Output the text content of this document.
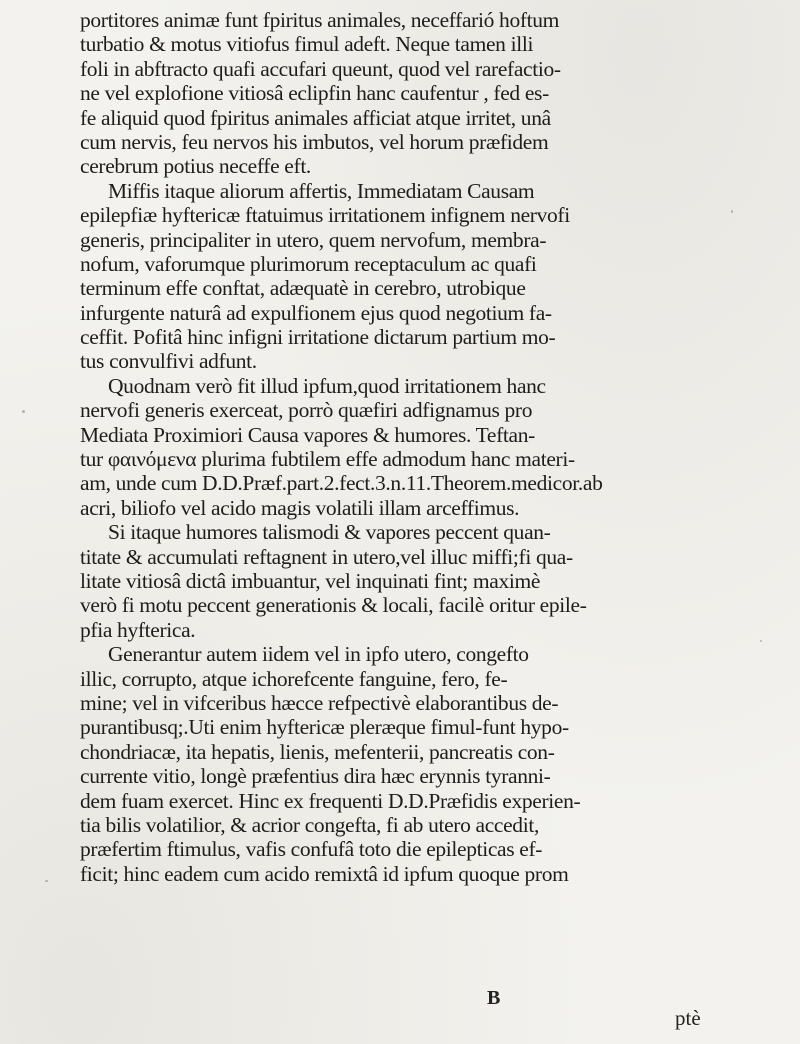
portitores animæ funt fpiritus animales, neceffarió hoftum
turbatio & motus vitiofus fimul adeft. Neque tamen illi
foli in abftracto quafi accufari queunt, quod vel rarefactio-
ne vel explofione vitiosâ eclipfin hanc caufentur , fed es-
fe aliquid quod fpiritus animales afficiat atque irritet, unâ
cum nervis, feu nervos his imbutos, vel horum præfidem
cerebrum potius neceffe eft.
Miffis itaque aliorum affertis, Immediatam Causam
epilepfiæ hyftericæ ftatuimus irritationem infignem nervofi
generis, principaliter in utero, quem nervofum, membra-
nofum, vaforumque plurimorum receptaculum ac quafi
terminum effe conftat, adæquatè in cerebro, utrobique
infurgente naturâ ad expulfionem ejus quod negotium fa-
ceffit. Pofitâ hinc infigni irritatione dictarum partium mo-
tus convulfivi adfunt.
Quodnam verò fit illud ipfum,quod irritationem hanc
nervofi generis exerceat, porrò quæfiri adfignamus pro
Mediata Proximiori Causa vapores & humores. Teftan-
tur φαινόμενα plurima fubtilem effe admodum hanc materi-
am, unde cum D.D.Præf.part.2.fect.3.n.11.Theorem.medicor.ab
acri, biliofo vel acido magis volatili illam arceffimus.
Si itaque humores talismodi & vapores peccent quan-
titate & accumulati reftagnent in utero,vel illuc miffi;fi qua-
litate vitiosâ dictâ imbuantur, vel inquinati fint; maximè
verò fi motu peccent generationis & locali, facilè oritur epile-
pfia hyfterica.
Generantur autem iidem vel in ipfo utero, congefto
illic, corrupto, atque ichorefcente fanguine, fero, fe-
mine; vel in vifceribus hæcce refpectivè elaborantibus de-
purantibusq;.Uti enim hyftericæ pleræque fimul-funt hypo-
chondriacæ, ita hepatis, lienis, mefenterii, pancreatis con-
currente vitio, longè præfentius dira hæc erynnis tyranni-
dem fuam exercet. Hinc ex frequenti D.D.Præfidis experien-
tia bilis volatilior, & acrior congefta, fi ab utero accedit,
præfertim ftimulus, vafis confufâ toto die epilepticas ef-
ficit; hinc eadem cum acido remixtâ id ipfum quoque prom
B
ptè
